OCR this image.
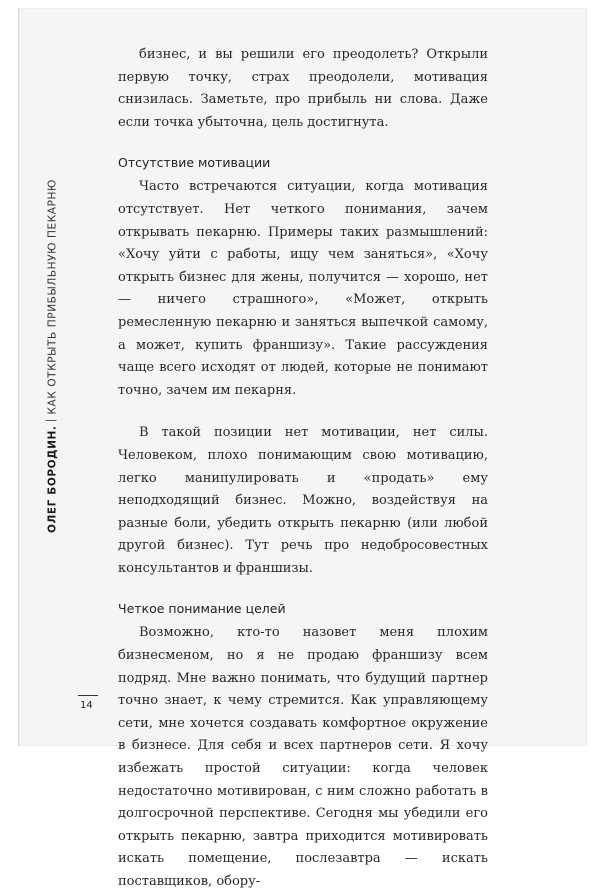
ОЛЕГ БОРОДИН.КАК ОТКРЫТЬ ПРИБЫЛЬНУЮ ПЕКАРНЮ

бизнес, и вы решили его преодолеть? Открыли первую точку, страх преодолели, мотивация снизилась. Заметьте, про прибыль ни слова. Даже если точка убыточна, цель достигнута.

Отсутствие мотивации

Часто встречаются ситуации, когда мотивация отсутствует. Нет четкого понимания, зачем открывать пекарню. Примеры таких размышлений: «Хочу уйти с работы, ищу чем заняться», «Хочу открыть бизнес для жены, получится — хорошо, нет — ничего страшного», «Может, открыть ремесленную пекарню и заняться выпечкой самому, а может, купить франшизу». Такие рассуждения чаще всего исходят от людей, которые не понимают точно, зачем им пекарня.

В такой позиции нет мотивации, нет силы. Человеком, плохо понимающим свою мотивацию, легко манипулировать и «продать» ему неподходящий бизнес. Можно, воздействуя на разные боли, убедить открыть пекарню (или любой другой бизнес). Тут речь про недобросовестных консультантов и франшизы.

Четкое понимание целей

Возможно, кто-то назовет меня плохим бизнесменом, но я не продаю франшизу всем подряд. Мне важно понимать, что будущий партнер точно знает, к чему стремится. Как управляющему сети, мне хочется создавать комфортное окружение в бизнесе. Для себя и всех партнеров сети. Я хочу избежать простой ситуации: когда человек недостаточно мотивирован, с ним сложно работать в долгосрочной перспективе. Сегодня мы убедили его открыть пекарню, завтра приходится мотивировать искать помещение, послезавтра — искать поставщиков, обору-

14
